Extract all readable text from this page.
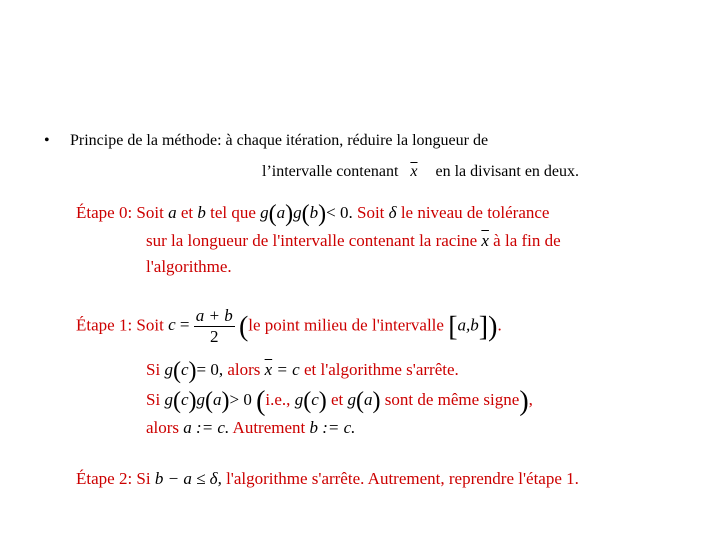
• Principe de la méthode: à chaque itération, réduire la longueur de
l’intervalle contenant $\overline{x}$ en la divisant en deux.
Étape 0: Soit a et b tel que g(a)g(b)< 0. Soit δ le niveau de tolérance
sur la longueur de l'intervalle contenant la racine $\overline{x}$ à la fin de
l'algorithme.
Étape 1: Soit $c = \frac{a + b}{2} (le$ point milieu de l'intervalle [a,b]).
Si g(c)= 0, alors $\overline{x} = c$ et l'algorithme s'arrête.
Si g(c)g(a)> 0 (i.e., g(c) et g(a) sont de même signe),
alors a := c. Autrement b := c.
Étape 2: Si b − a ≤ δ, l'algorithme s'arrête. Autrement, reprendre l'étape 1.
